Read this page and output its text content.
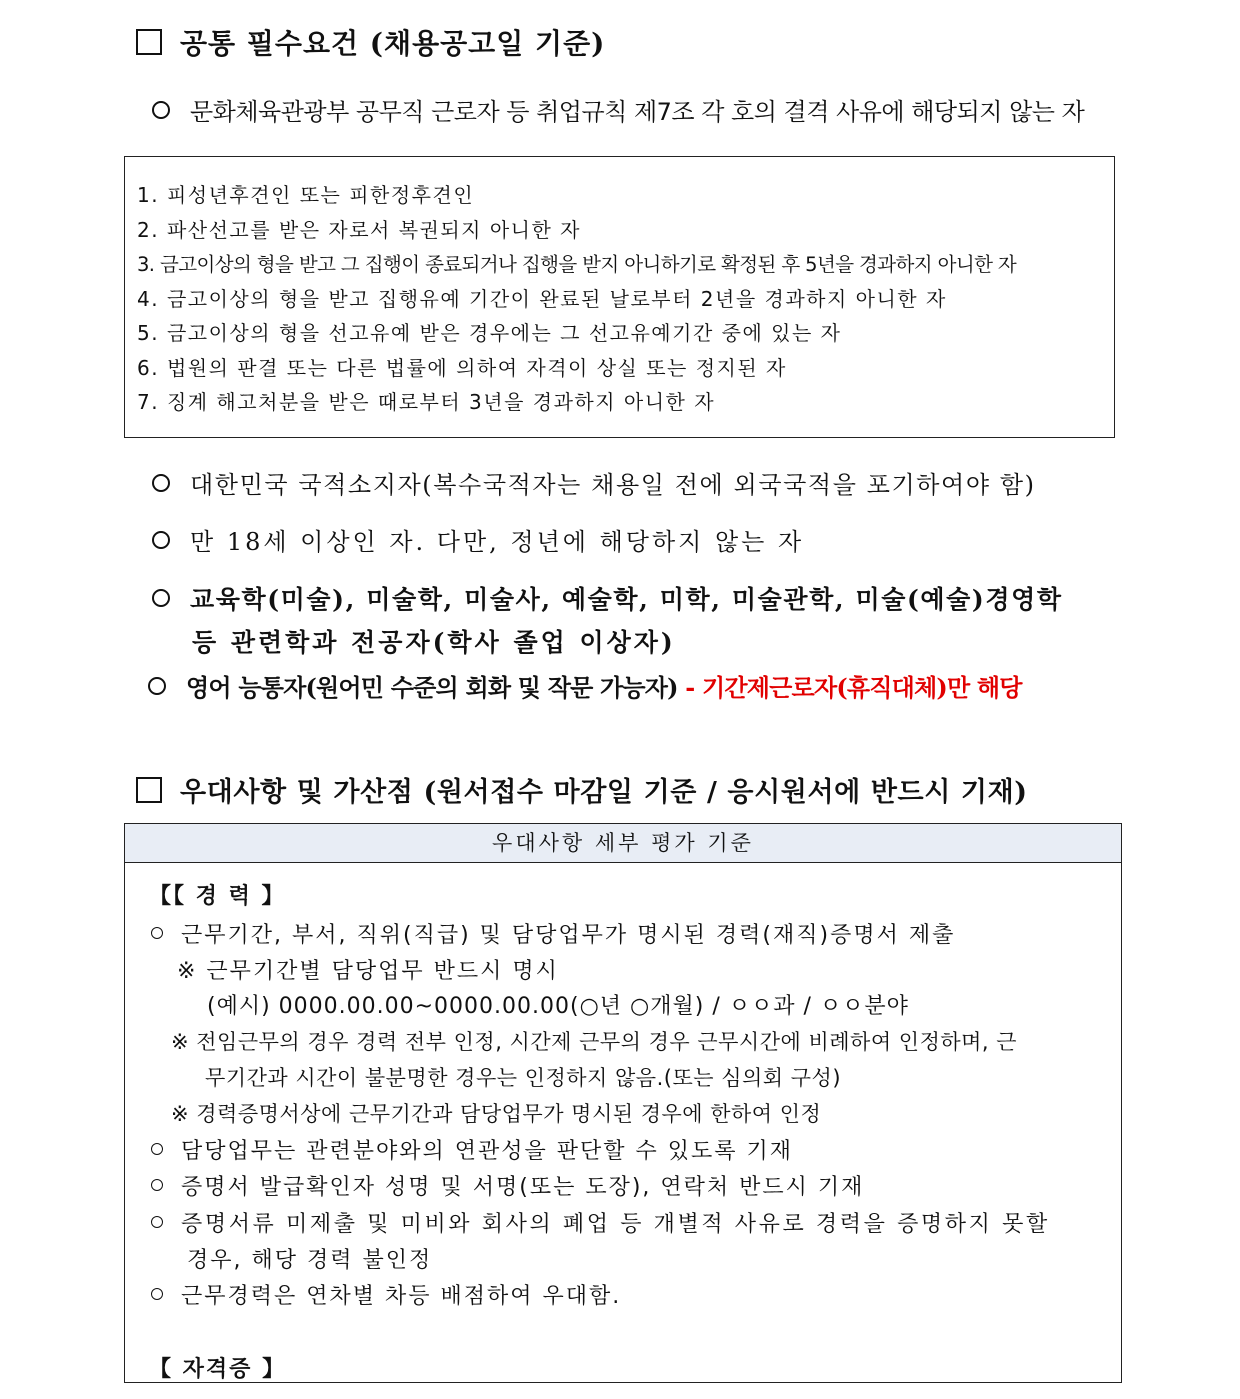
공통 필수요건 (채용공고일 기준)
문화체육관광부 공무직 근로자 등 취업규칙 제7조 각 호의 결격 사유에 해당되지 않는 자
1. 피성년후견인 또는 피한정후견인
2. 파산선고를 받은 자로서 복권되지 아니한 자
3. 금고이상의 형을 받고 그 집행이 종료되거나 집행을 받지 아니하기로 확정된 후 5년을 경과하지 아니한 자
4. 금고이상의 형을 받고 집행유예 기간이 완료된 날로부터 2년을 경과하지 아니한 자
5. 금고이상의 형을 선고유예 받은 경우에는 그 선고유예기간 중에 있는 자
6. 법원의 판결 또는 다른 법률에 의하여 자격이 상실 또는 정지된 자
7. 징계 해고처분을 받은 때로부터 3년을 경과하지 아니한 자
대한민국 국적소지자(복수국적자는 채용일 전에 외국국적을 포기하여야 함)
만 18세 이상인 자. 다만, 정년에 해당하지 않는 자
교육학(미술), 미술학, 미술사, 예술학, 미학, 미술관학, 미술(예술)경영학
등 관련학과 전공자(학사 졸업 이상자)
영어 능통자(원어민 수준의 회화 및 작문 가능자) - 기간제근로자(휴직대체)만 해당
우대사항 및 가산점 (원서접수 마감일 기준 / 응시원서에 반드시 기재)
우대사항 세부 평가 기준
【【 경 력 】
근무기간, 부서, 직위(직급) 및 담당업무가 명시된 경력(재직)증명서 제출
※ 근무기간별 담당업무 반드시 명시
(예시) 0000.00.00~0000.00.00(○년 ○개월) / ㅇㅇ과 / ㅇㅇ분야
※ 전임근무의 경우 경력 전부 인정, 시간제 근무의 경우 근무시간에 비례하여 인정하며, 근
무기간과 시간이 불분명한 경우는 인정하지 않음.(또는 심의회 구성)
※ 경력증명서상에 근무기간과 담당업무가 명시된 경우에 한하여 인정
담당업무는 관련분야와의 연관성을 판단할 수 있도록 기재
증명서 발급확인자 성명 및 서명(또는 도장), 연락처 반드시 기재
증명서류 미제출 및 미비와 회사의 폐업 등 개별적 사유로 경력을 증명하지 못할
경우, 해당 경력 불인정
근무경력은 연차별 차등 배점하여 우대함.
【 자격증 】
